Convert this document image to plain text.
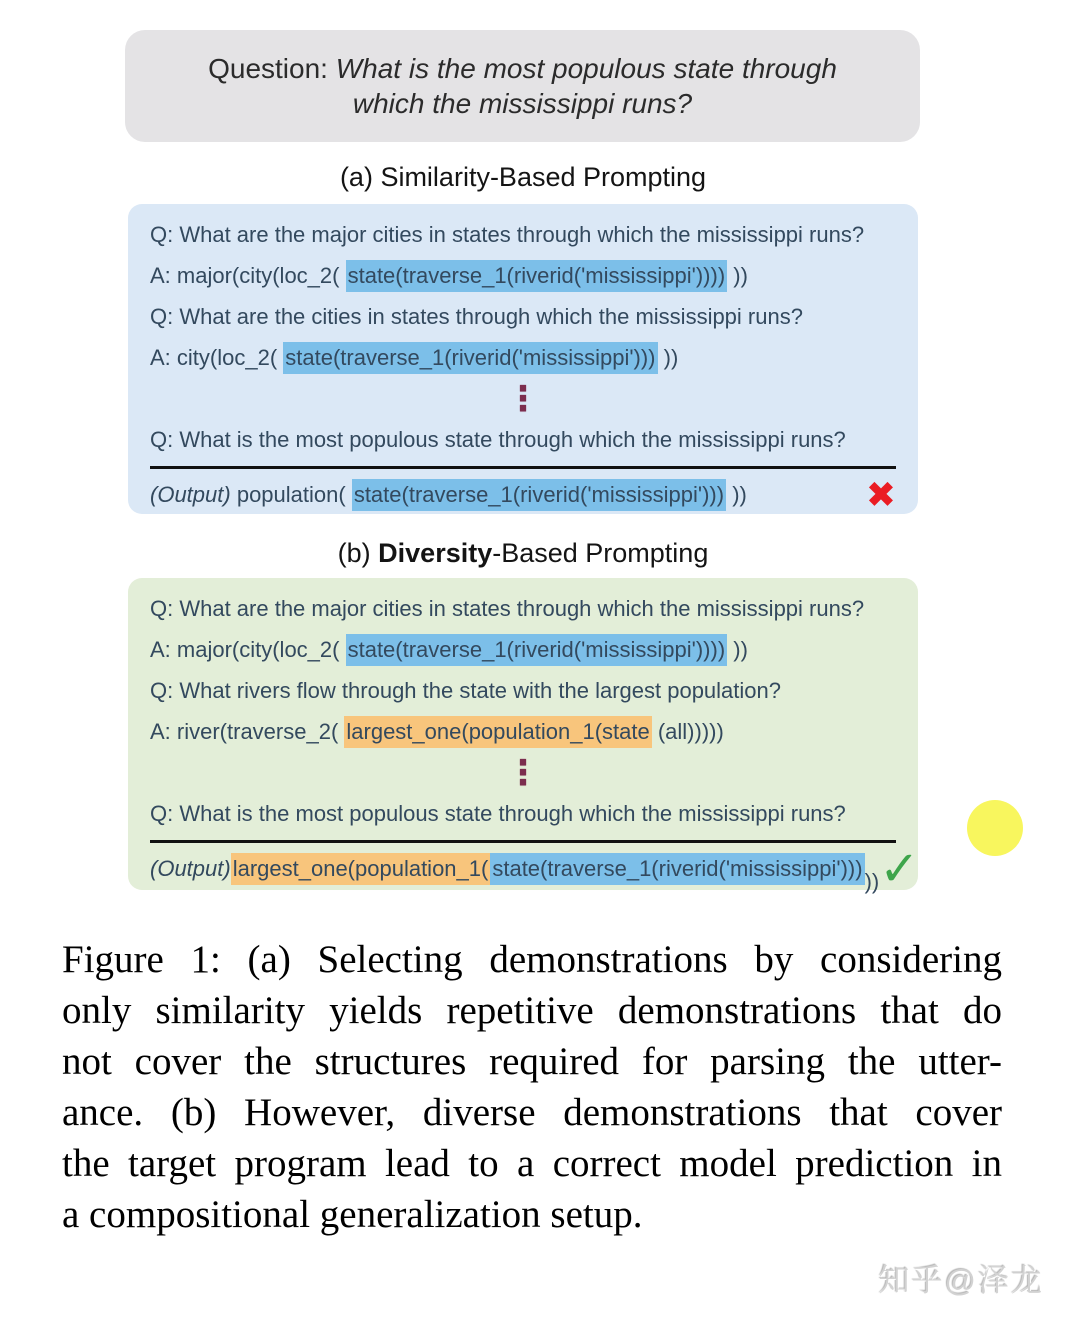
Question: What is the most populous state through which the mississippi runs?
(a) Similarity-Based Prompting
Q: What are the major cities in states through which the mississippi runs?
A: major(city(loc_2( state(traverse_1(riverid('mississippi')))) ))
Q: What are the cities in states through which the mississippi runs?
A: city(loc_2( state(traverse_1(riverid('mississippi'))) ))
⋮
Q: What is the most populous state through which the mississippi runs?
(Output) population( state(traverse_1(riverid('mississippi'))) ))	✖
(b) Diversity-Based Prompting
Q: What are the major cities in states through which the mississippi runs?
A: major(city(loc_2( state(traverse_1(riverid('mississippi')))) ))
Q: What rivers flow through the state with the largest population?
A: river(traverse_2( largest_one(population_1(state (all)))))
⋮
Q: What is the most populous state through which the mississippi runs?
(Output)
largest_one(population_1( state(traverse_1(riverid('mississippi')))
)) ✓
Figure 1: (a) Selecting demonstrations by considering
only similarity yields repetitive demonstrations that do
not cover the structures required for parsing the utter-
ance. (b) However, diverse demonstrations that cover
the target program lead to a correct model prediction in
a compositional generalization setup.
知乎@泽龙
